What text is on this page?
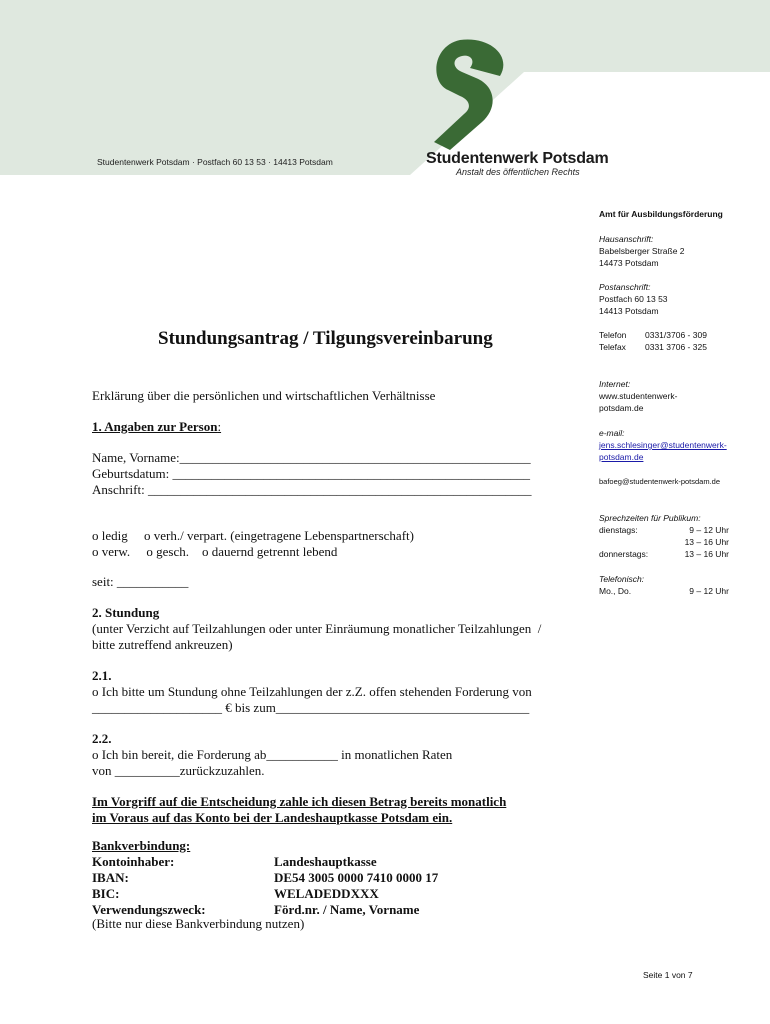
Studentenwerk Potsdam · Postfach 60 13 53 · 14413 Potsdam	Studentenwerk Potsdam
Anstalt des öffentlichen Rechts
Amt für Ausbildungsförderung
Hausanschrift:
Babelsberger Straße 2
14473 Potsdam
Postanschrift:
Postfach 60 13 53
14413 Potsdam
Telefon	0331/3706 - 309
Telefax	0331 3706 - 325
Internet:
www.studentenwerk-
potsdam.de
e-mail:
jens.schlesinger@studentenwerk-
potsdam.de
bafoeg@studentenwerk-potsdam.de
Sprechzeiten für Publikum:
dienstags:	9 – 12 Uhr
13 – 16 Uhr
donnerstags:	13 – 16 Uhr
Telefonisch:
Mo., Do.	9 – 12 Uhr
Stundungsantrag / Tilgungsvereinbarung
Erklärung über die persönlichen und wirtschaftlichen Verhältnisse
1. Angaben zur Person:
Name, Vorname:______________________________________________________
Geburtsdatum: _______________________________________________________
Anschrift: ___________________________________________________________
o ledig     o verh./ verpart. (eingetragene Lebenspartnerschaft)
o verw.     o gesch.    o dauernd getrennt lebend
seit: ___________
2. Stundung
(unter Verzicht auf Teilzahlungen oder unter Einräumung monatlicher Teilzahlungen  /
bitte zutreffend ankreuzen)
2.1.
o Ich bitte um Stundung ohne Teilzahlungen der z.Z. offen stehenden Forderung von
____________________ € bis zum_______________________________________
2.2.
o Ich bin bereit, die Forderung ab___________ in monatlichen Raten
von __________zurückzuzahlen.
Im Vorgriff auf die Entscheidung zahle ich diesen Betrag bereits monatlich
im Voraus auf das Konto bei der Landeshauptkasse Potsdam ein.
Bankverbindung:
Kontoinhaber:	Landeshauptkasse
IBAN:	DE54 3005 0000 7410 0000 17
BIC:	WELADEDDXXX
Verwendungszweck:	Förd.nr. / Name, Vorname
(Bitte nur diese Bankverbindung nutzen)
Seite 1 von 7
